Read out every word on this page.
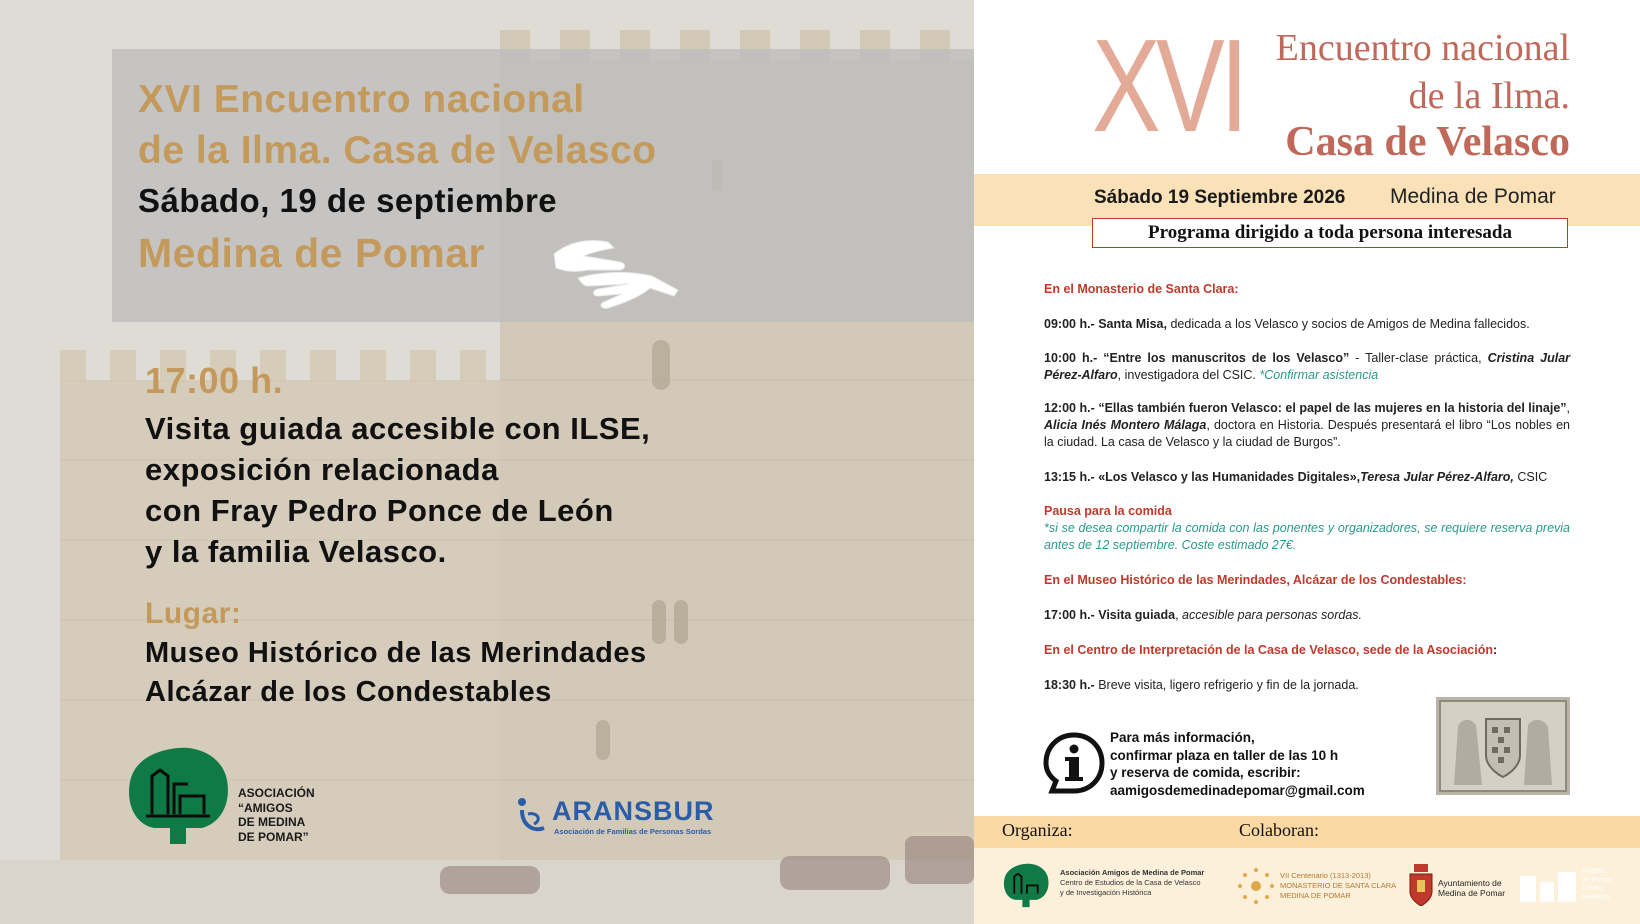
XVI Encuentro nacional
de la Ilma. Casa de Velasco
Sábado, 19 de septiembre
Medina de Pomar
17:00 h.
Visita guiada accesible con ILSE,
exposición relacionada
con Fray Pedro Ponce de León
y la familia Velasco.
Lugar:
Museo Histórico de las Merindades
Alcázar de los Condestables
ASOCIACIÓN
“AMIGOS
DE MEDINA
DE POMAR”
ARANSBUR
Asociación de Familias de Personas Sordas
XVI Encuentro nacional
de la Ilma.
Casa de Velasco
Sábado 19 Septiembre 2026 Medina de Pomar
Programa dirigido a toda persona interesada
En el Monasterio de Santa Clara:
09:00 h.- Santa Misa, dedicada a los Velasco y socios de Amigos de Medina fallecidos.
10:00 h.- “Entre los manuscritos de los Velasco” - Taller-clase práctica, Cristina Jular Pérez-Alfaro, investigadora del CSIC. *Confirmar asistencia
12:00 h.- “Ellas también fueron Velasco: el papel de las mujeres en la historia del linaje”, Alicia Inés Montero Málaga, doctora en Historia. Después presentará el libro “Los nobles en la ciudad. La casa de Velasco y la ciudad de Burgos”.
13:15 h.- «Los Velasco y las Humanidades Digitales»,Teresa Jular Pérez-Alfaro, CSIC
Pausa para la comida
*si se desea compartir la comida con las ponentes y organizadores, se requiere reserva previa antes de 12 septiembre. Coste estimado 27€.
En el Museo Histórico de las Merindades, Alcázar de los Condestables:
17:00 h.- Visita guiada, accesible para personas sordas.
En el Centro de Interpretación de la Casa de Velasco, sede de la Asociación:
18:30 h.- Breve visita, ligero refrigerio y fin de la jornada.
Para más información,
confirmar plaza en taller de las 10 h
y reserva de comida, escribir:
aamigosdemedinadepomar@gmail.com
Organiza:	Colaboran:
Asociación Amigos de Medina de Pomar
Centro de Estudios de la Casa de Velasco
y de Investigación Histórica
VII Centenario (1313-2013)
MONASTERIO DE SANTA CLARA
MEDINA DE POMAR
Ayuntamiento de
Medina de Pomar
Medina
de Pomar
Centro
Histórico
